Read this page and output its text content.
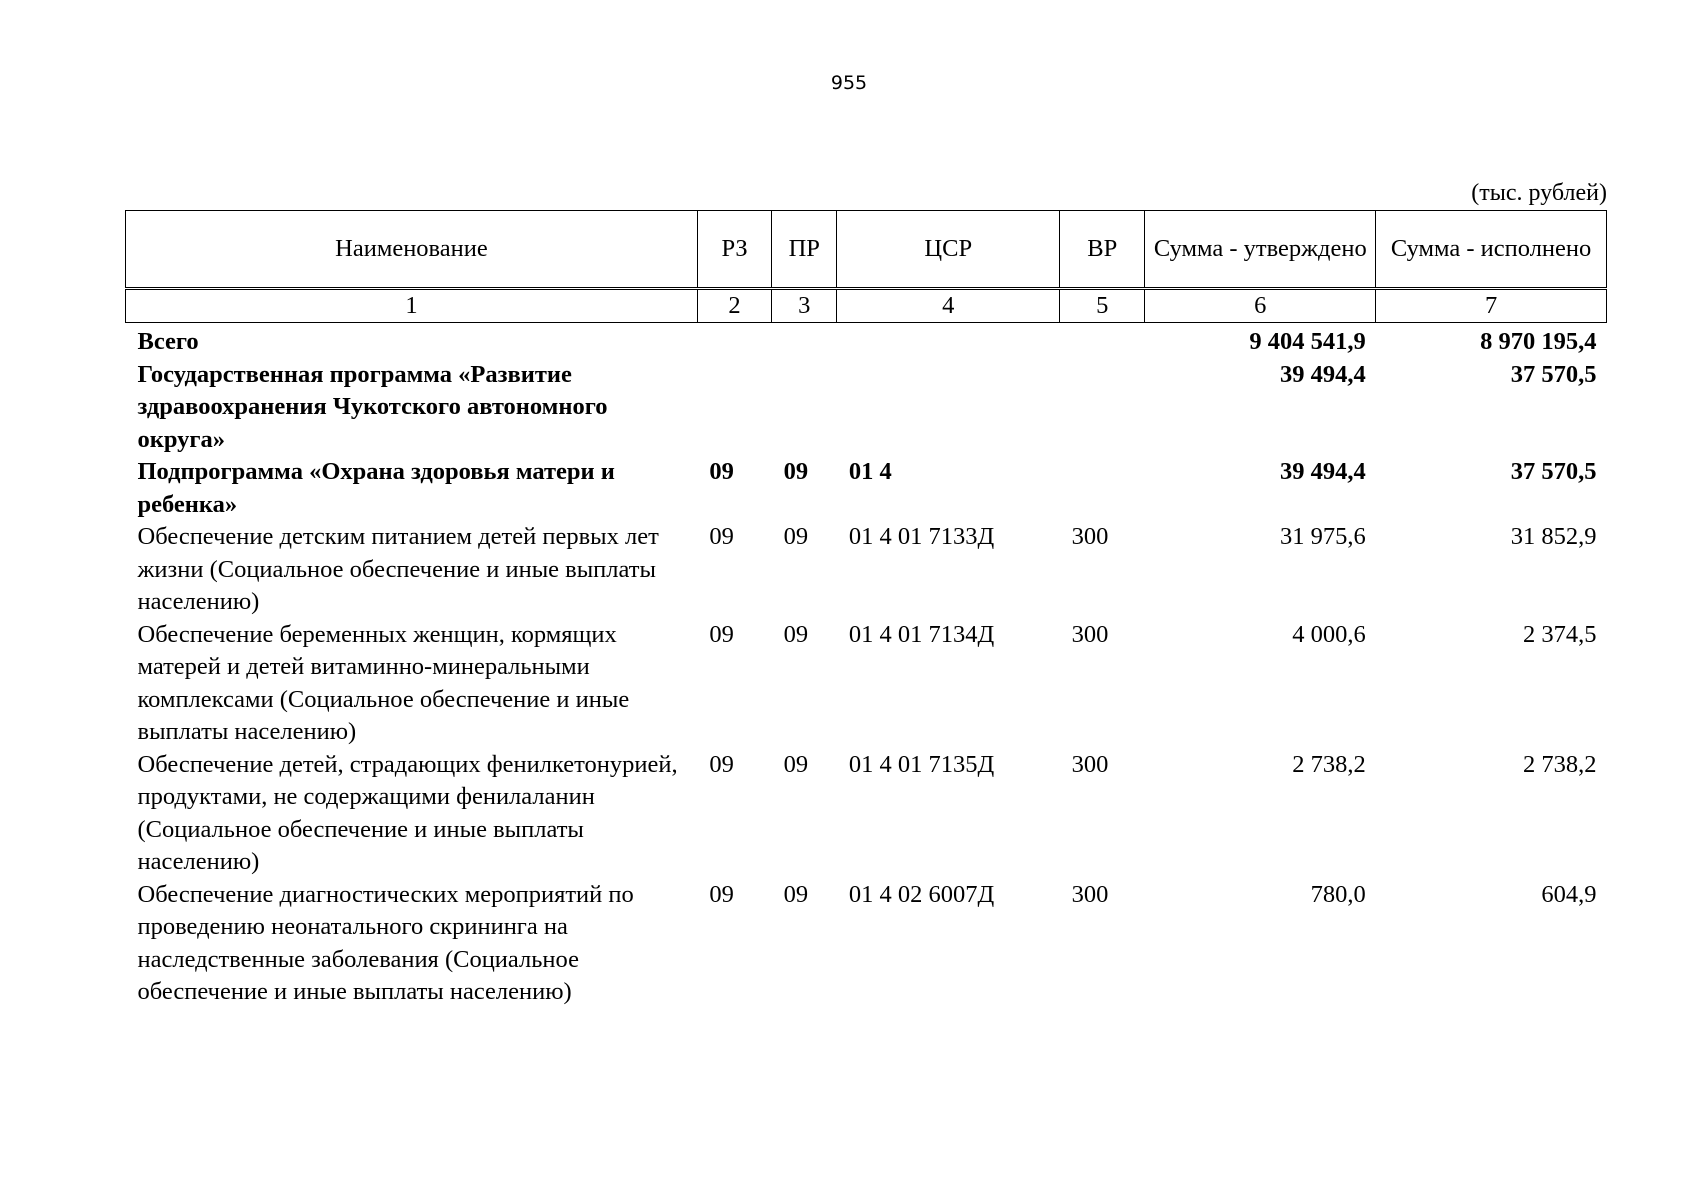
955
(тыс. рублей)
Наименование	РЗ	ПР	ЦСР	ВР	Сумма - утверждено	Сумма - исполнено
1	2	3	4	5	6	7
Всего					9 404 541,9	8 970 195,4
Государственная программа «Развитие здравоохранения Чукотского автономного округа»					39 494,4	37 570,5
Подпрограмма «Охрана здоровья матери и ребенка»	09	09	01 4		39 494,4	37 570,5
Обеспечение детским питанием детей первых лет жизни (Социальное обеспечение и иные выплаты населению)	09	09	01 4 01 7133Д	300	31 975,6	31 852,9
Обеспечение беременных женщин, кормящих матерей и детей витаминно-минеральными комплексами (Социальное обеспечение и иные выплаты населению)	09	09	01 4 01 7134Д	300	4 000,6	2 374,5
Обеспечение детей, страдающих фенилкетонурией, продуктами, не содержащими фенилаланин (Социальное обеспечение и иные выплаты населению)	09	09	01 4 01 7135Д	300	2 738,2	2 738,2
Обеспечение диагностических мероприятий по проведению неонатального скрининга на наследственные заболевания (Социальное обеспечение и иные выплаты населению)	09	09	01 4 02 6007Д	300	780,0	604,9
